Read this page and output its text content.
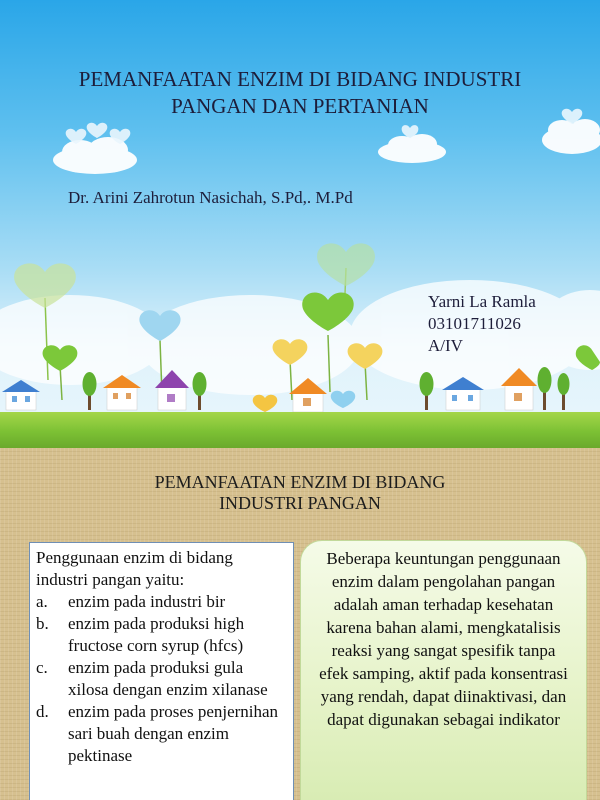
PEMANFAATAN ENZIM DI BIDANG INDUSTRI
PANGAN DAN PERTANIAN
Dr. Arini Zahrotun Nasichah, S.Pd,. M.Pd
Yarni La Ramla
03101711026
A/IV
PEMANFAATAN ENZIM DI BIDANG
INDUSTRI PANGAN
Penggunaan enzim di bidang industri pangan yaitu:
a. enzim pada industri bir
b. enzim pada produksi high fructose corn syrup (hfcs)
c. enzim pada produksi gula xilosa dengan enzim xilanase
d. enzim pada proses penjernihan sari buah dengan enzim pektinase
Beberapa keuntungan penggunaan enzim dalam pengolahan pangan adalah aman terhadap kesehatan karena bahan alami, mengkatalisis reaksi yang sangat spesifik tanpa efek samping, aktif pada konsentrasi yang rendah, dapat diinaktivasi, dan dapat digunakan sebagai indikator
